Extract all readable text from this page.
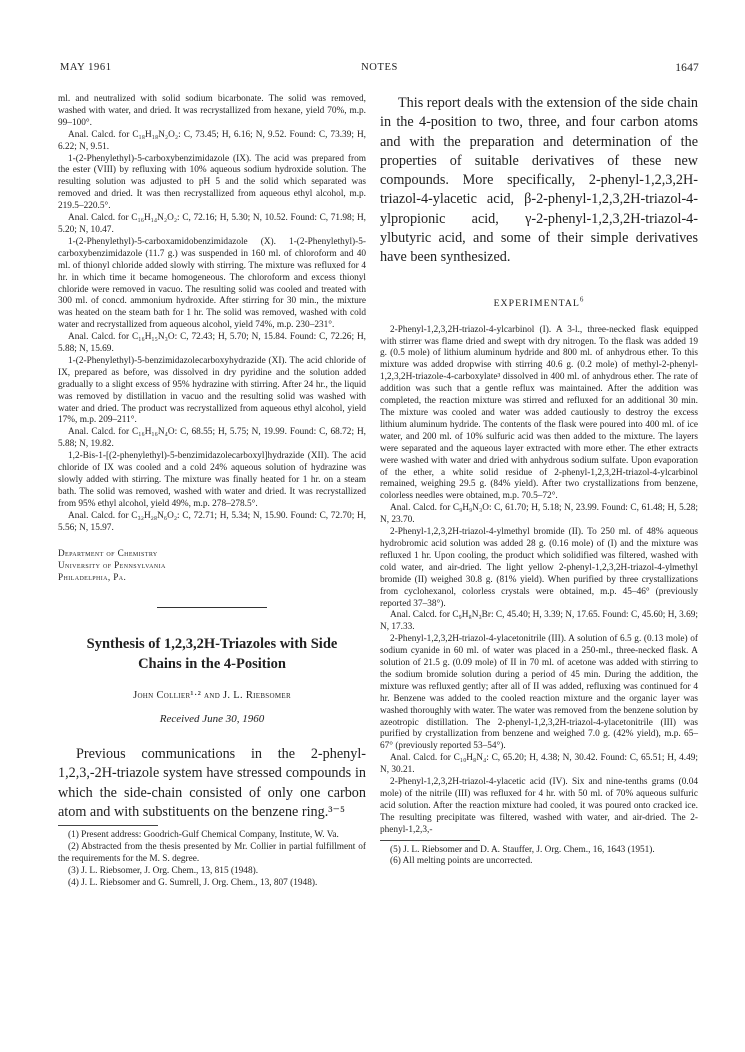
MAY 1961	NOTES	1647

ml. and neutralized with solid sodium bicarbonate. The solid was removed, washed with water, and dried. It was recrystallized from hexane, yield 70%, m.p. 99–100°.

Anal. Calcd. for C₁₈H₁₈N₂O₂: C, 73.45; H, 6.16; N, 9.52. Found: C, 73.39; H, 6.22; N, 9.51.

1-(2-Phenylethyl)-5-carboxybenzimidazole (IX). The acid was prepared from the ester (VIII) by refluxing with 10% aqueous sodium hydroxide solution. The resulting solution was adjusted to pH 5 and the solid which separated was removed and dried. It was then recrystallized from aqueous ethyl alcohol, m.p. 219.5–220.5°.

Anal. Calcd. for C₁₆H₁₄N₂O₂: C, 72.16; H, 5.30; N, 10.52. Found: C, 71.98; H, 5.20; N, 10.47.

1-(2-Phenylethyl)-5-carboxamidobenzimidazole (X). 1-(2-Phenylethyl)-5-carboxybenzimidazole (11.7 g.) was suspended in 160 ml. of chloroform and 40 ml. of thionyl chloride added slowly with stirring. The mixture was refluxed for 4 hr. in which time it became homogeneous. The chloroform and excess thionyl chloride were removed in vacuo. The resulting solid was cooled and treated with 300 ml. of concd. ammonium hydroxide. After stirring for 30 min., the mixture was heated on the steam bath for 1 hr. The solid was removed, washed with cold water and recrystallized from aqueous alcohol, yield 74%, m.p. 230–231°.

Anal. Calcd. for C₁₆H₁₅N₃O: C, 72.43; H, 5.70; N, 15.84. Found: C, 72.26; H, 5.88; N, 15.69.

1-(2-Phenylethyl)-5-benzimidazolecarboxyhydrazide (XI). The acid chloride of IX, prepared as before, was dissolved in dry pyridine and the solution added gradually to a slight excess of 95% hydrazine with stirring. After 24 hr., the liquid was removed by distillation in vacuo and the resulting solid was washed with water and dried. The product was recrystallized from aqueous ethyl alcohol, yield 17%, m.p. 209–211°.

Anal. Calcd. for C₁₆H₁₆N₄O: C, 68.55; H, 5.75; N, 19.99. Found: C, 68.72; H, 5.88; N, 19.82.

1,2-Bis-1-[(2-phenylethyl)-5-benzimidazolecarboxyl]hydrazide (XII). The acid chloride of IX was cooled and a cold 24% aqueous solution of hydrazine was slowly added with stirring. The mixture was finally heated for 1 hr. on a steam bath. The solid was removed, washed with water and dried. It was recrystallized from 95% ethyl alcohol, yield 49%, m.p. 278–278.5°.

Anal. Calcd. for C₃₂H₂₈N₆O₂: C, 72.71; H, 5.34; N, 15.90. Found: C, 72.70; H, 5.56; N, 15.97.

Department of Chemistry
University of Pennsylvania
Philadelphia, Pa.

Synthesis of 1,2,3,2H-Triazoles with Side
Chains in the 4-Position

John Collier¹·² and J. L. Riebsomer

Received June 30, 1960

Previous communications in the 2-phenyl-1,2,3,-2H-triazole system have stressed compounds in which the side-chain consisted of only one carbon atom and with substituents on the benzene ring.³⁻⁵

(1) Present address: Goodrich-Gulf Chemical Company, Institute, W. Va.

(2) Abstracted from the thesis presented by Mr. Collier in partial fulfillment of the requirements for the M. S. degree.

(3) J. L. Riebsomer, J. Org. Chem., 13, 815 (1948).

(4) J. L. Riebsomer and G. Sumrell, J. Org. Chem., 13, 807 (1948).

This report deals with the extension of the side chain in the 4-position to two, three, and four carbon atoms and with the preparation and determination of the properties of suitable derivatives of these new compounds. More specifically, 2-phenyl-1,2,3,2H-triazol-4-ylacetic acid, β-2-phenyl-1,2,3,2H-triazol-4-ylpropionic acid, γ-2-phenyl-1,2,3,2H-triazol-4-ylbutyric acid, and some of their simple derivatives have been synthesized.

EXPERIMENTAL$^6$

2-Phenyl-1,2,3,2H-triazol-4-ylcarbinol (I). A 3-l., three-necked flask equipped with stirrer was flame dried and swept with dry nitrogen. To the flask was added 19 g. (0.5 mole) of lithium aluminum hydride and 800 ml. of anhydrous ether. To this mixture was added dropwise with stirring 40.6 g. (0.2 mole) of methyl-2-phenyl-1,2,3,2H-triazole-4-carboxylate³ dissolved in 400 ml. of anhydrous ether. The rate of addition was such that a gentle reflux was maintained. After the addition was completed, the reaction mixture was stirred and refluxed for an additional 30 min. The mixture was cooled and water was added cautiously to destroy the excess lithium aluminum hydride. The contents of the flask were poured into 400 ml. of ice water, and 200 ml. of 10% sulfuric acid was then added to the mixture. The layers were separated and the aqueous layer extracted with more ether. The ether extracts were washed with water and dried with anhydrous sodium sulfate. Upon evaporation of the ether, a white solid residue of 2-phenyl-1,2,3,2H-triazol-4-ylcarbinol remained, weighing 29.5 g. (84% yield). After two crystallizations from benzene, colorless needles were obtained, m.p. 70.5–72°.

Anal. Calcd. for C₉H₉N₃O: C, 61.70; H, 5.18; N, 23.99. Found: C, 61.48; H, 5.28; N, 23.70.

2-Phenyl-1,2,3,2H-triazol-4-ylmethyl bromide (II). To 250 ml. of 48% aqueous hydrobromic acid solution was added 28 g. (0.16 mole) of (I) and the mixture was refluxed 1 hr. Upon cooling, the product which solidified was filtered, washed with cold water, and air-dried. The light yellow 2-phenyl-1,2,3,2H-triazol-4-ylmethyl bromide (II) weighed 30.8 g. (81% yield). When purified by three crystallizations from cyclohexanol, colorless crystals were obtained, m.p. 45–46° (previously reported 37–38°).

Anal. Calcd. for C₉H₈N₃Br: C, 45.40; H, 3.39; N, 17.65. Found: C, 45.60; H, 3.69; N, 17.33.

2-Phenyl-1,2,3,2H-triazol-4-ylacetonitrile (III). A solution of 6.5 g. (0.13 mole) of sodium cyanide in 60 ml. of water was placed in a 250-ml., three-necked flask. A solution of 21.5 g. (0.09 mole) of II in 70 ml. of acetone was added with stirring to the sodium bromide solution during a period of 45 min. During the addition, the mixture was refluxed gently; after all of II was added, refluxing was continued for 4 hr. Benzene was added to the cooled reaction mixture and the organic layer was washed thoroughly with water. The water was removed from the benzene solution by azeotropic distillation. The 2-phenyl-1,2,3,2H-triazol-4-ylacetonitrile (III) was purified by crystallization from benzene and weighed 7.0 g. (42% yield), m.p. 65–67° (previously reported 53–54°).

Anal. Calcd. for C₁₀H₈N₄: C, 65.20; H, 4.38; N, 30.42. Found: C, 65.51; H, 4.49; N, 30.21.

2-Phenyl-1,2,3,2H-triazol-4-ylacetic acid (IV). Six and nine-tenths grams (0.04 mole) of the nitrile (III) was refluxed for 4 hr. with 50 ml. of 70% aqueous sulfuric acid solution. After the reaction mixture had cooled, it was poured onto cracked ice. The resulting precipitate was filtered, washed with water, and air-dried. The 2-phenyl-1,2,3,-

(5) J. L. Riebsomer and D. A. Stauffer, J. Org. Chem., 16, 1643 (1951).

(6) All melting points are uncorrected.
